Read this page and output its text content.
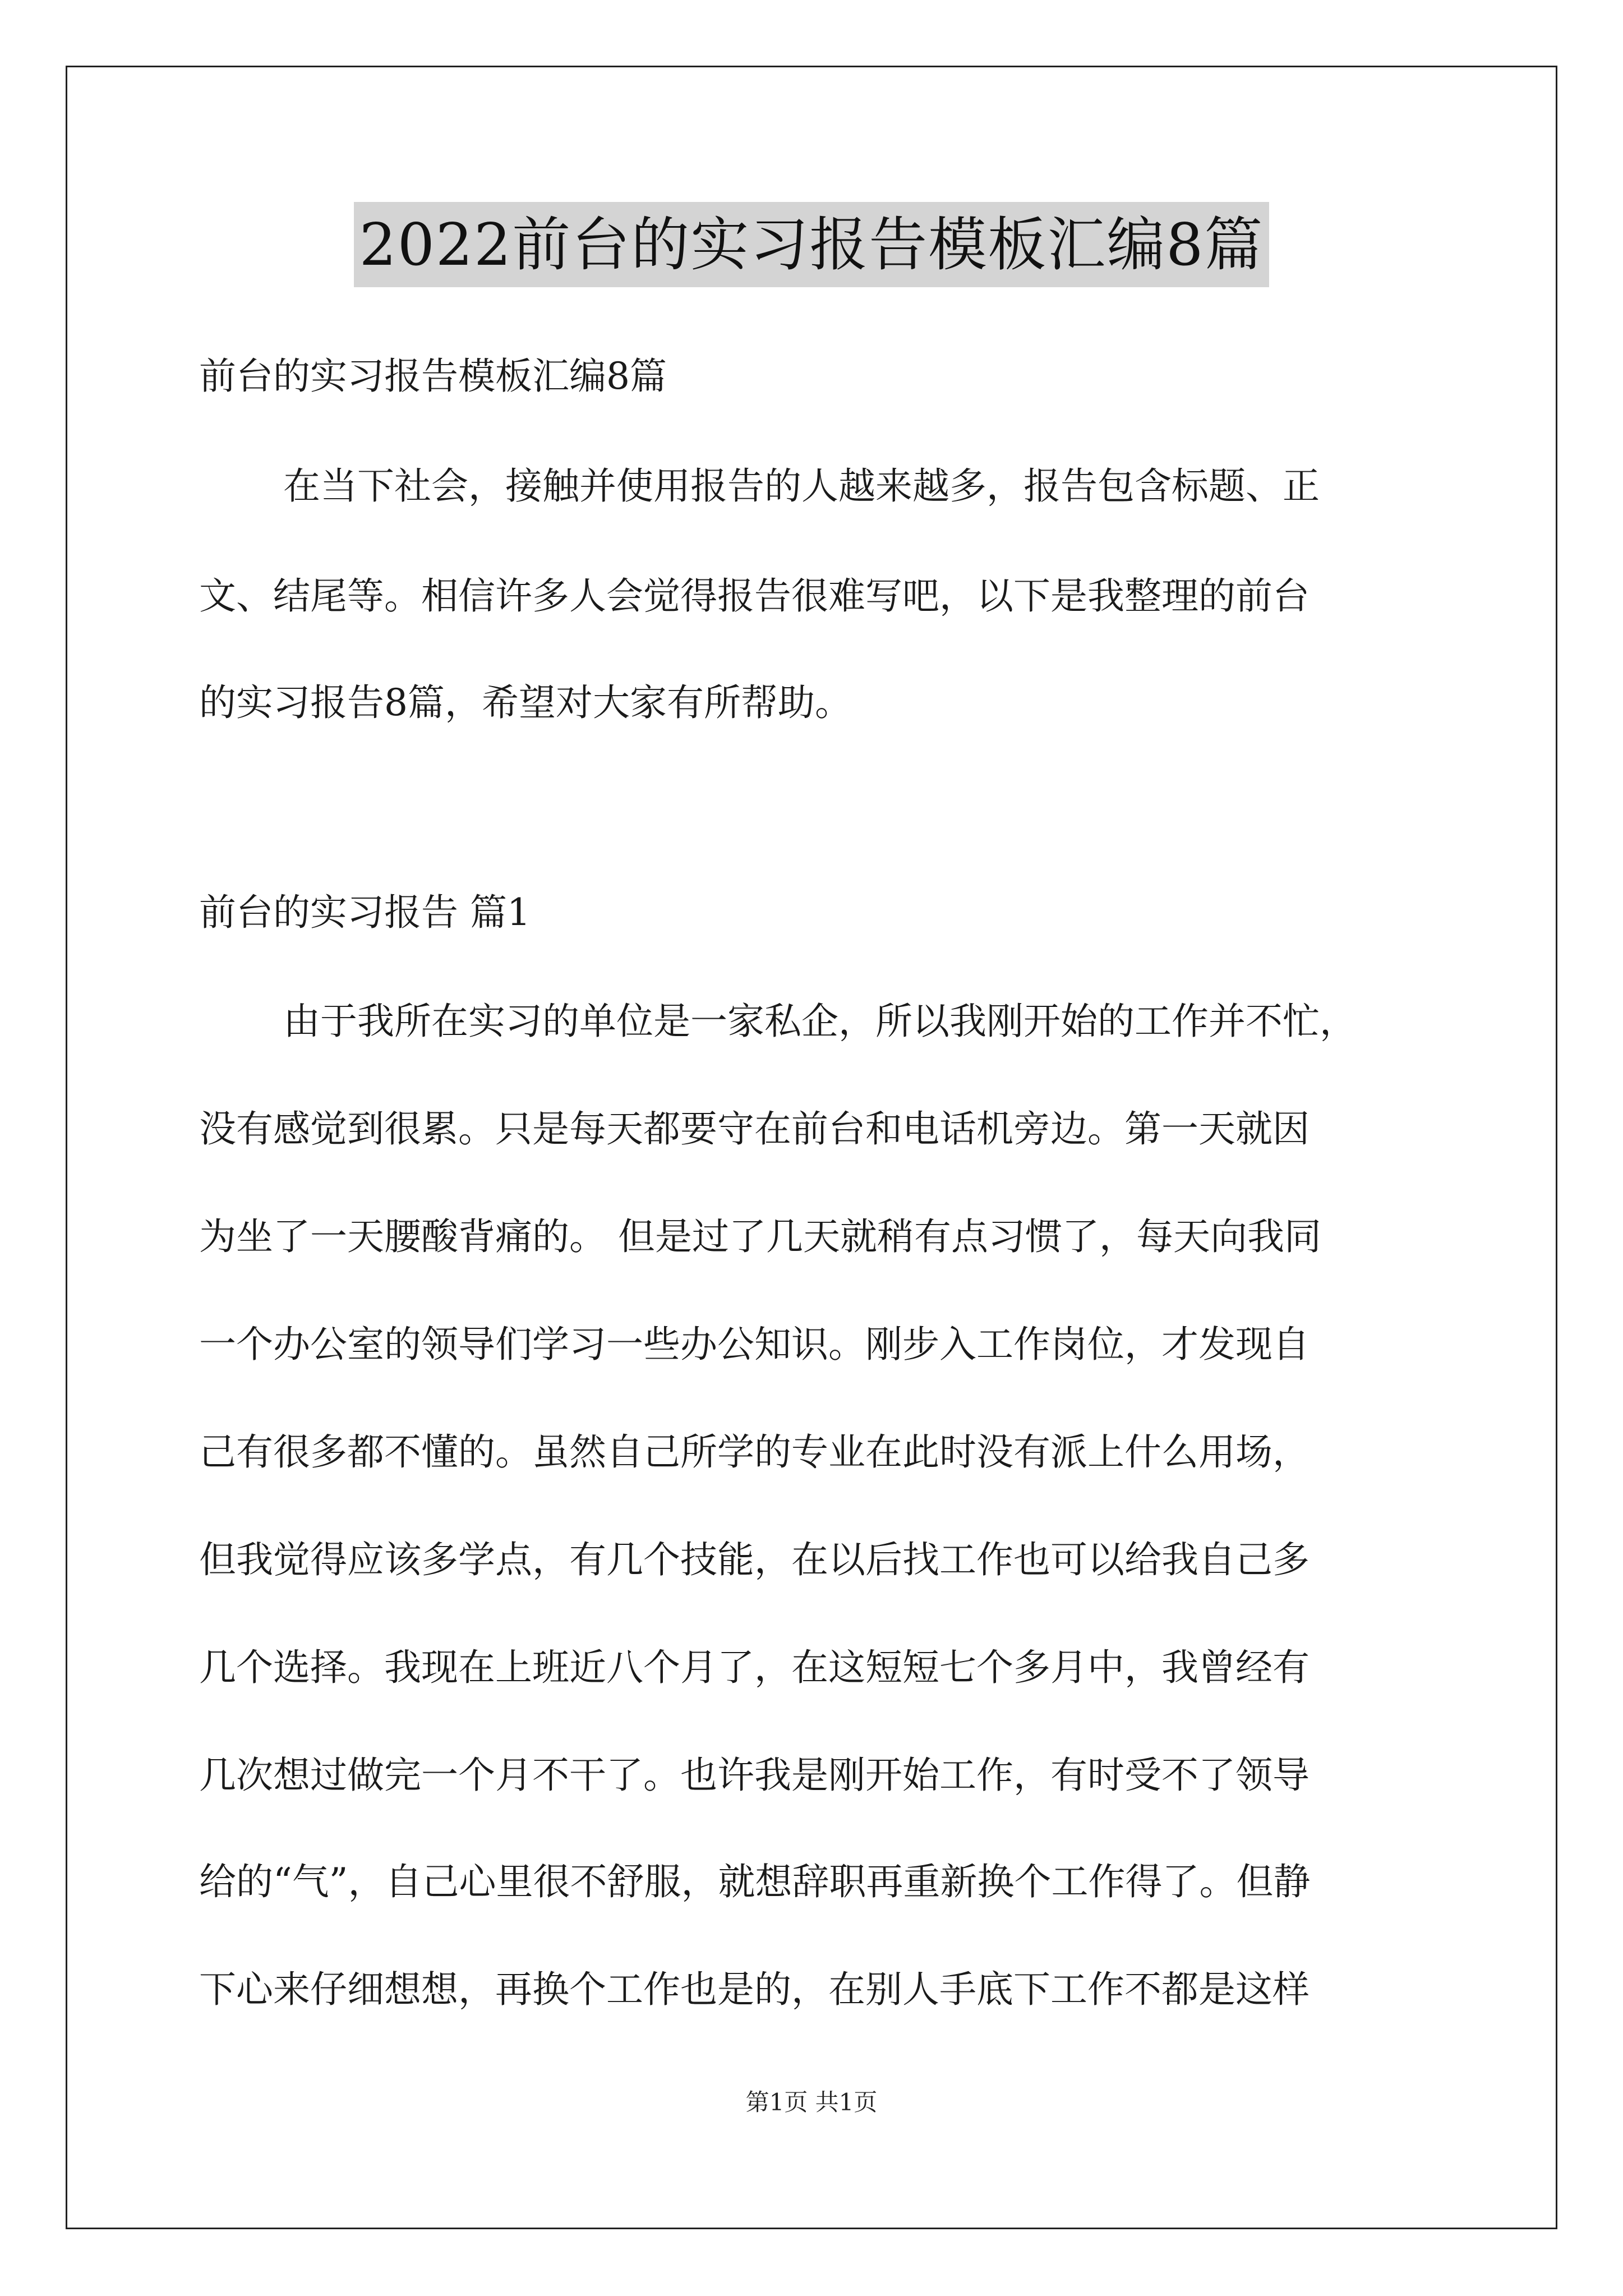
2022前台的实习报告模板汇编8篇
前台的实习报告模板汇编8篇
在当下社会，接触并使用报告的人越来越多，报告包含标题、正
文、结尾等。相信许多人会觉得报告很难写吧，以下是我整理的前台
的实习报告8篇，希望对大家有所帮助。
前台的实习报告 篇1
由于我所在实习的单位是一家私企，所以我刚开始的工作并不忙，
没有感觉到很累。只是每天都要守在前台和电话机旁边。第一天就因
为坐了一天腰酸背痛的。 但是过了几天就稍有点习惯了，每天向我同
一个办公室的领导们学习一些办公知识。刚步入工作岗位，才发现自
己有很多都不懂的。虽然自己所学的专业在此时没有派上什么用场，
但我觉得应该多学点，有几个技能，在以后找工作也可以给我自己多
几个选择。我现在上班近八个月了，在这短短七个多月中，我曾经有
几次想过做完一个月不干了。也许我是刚开始工作，有时受不了领导
给的“气”，自己心里很不舒服，就想辞职再重新换个工作得了。但静
下心来仔细想想，再换个工作也是的，在别人手底下工作不都是这样
第1页 共1页
